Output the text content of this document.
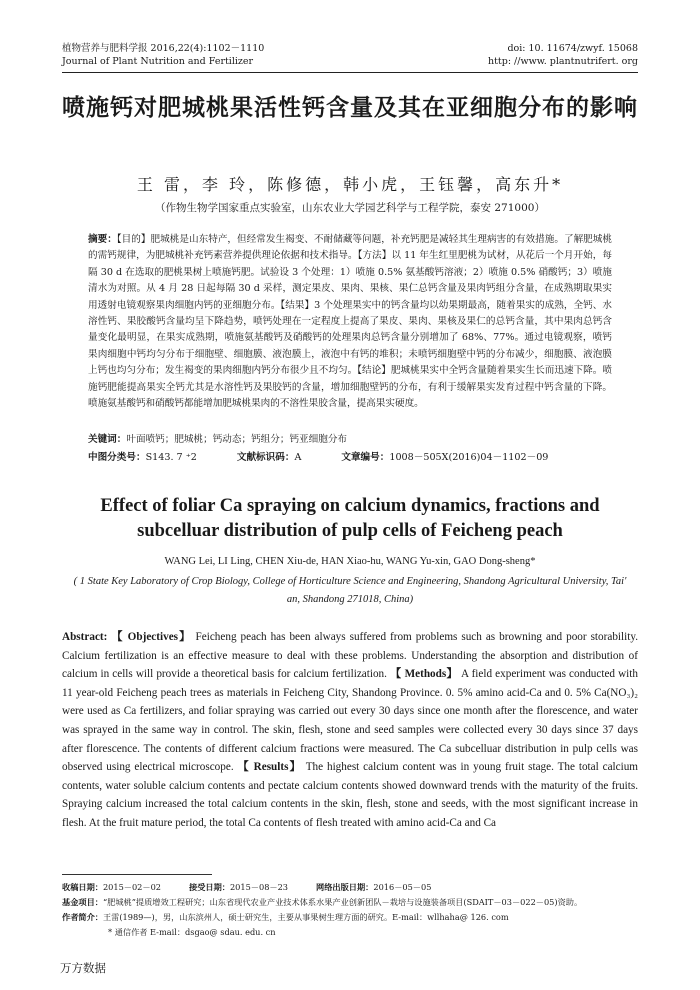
植物营养与肥料学报 2016,22(4):1102－1110
Journal of Plant Nutrition and Fertilizer
doi: 10. 11674/zwyf. 15068
http: //www. plantnutrifert. org
喷施钙对肥城桃果活性钙含量及其在亚细胞分布的影响
王 雷，李 玲，陈修德，韩小虎，王钰馨，高东升*
（作物生物学国家重点实验室，山东农业大学园艺科学与工程学院，泰安 271000）
摘要：【目的】肥城桃是山东特产，但经常发生褐变、不耐储藏等问题，补充钙肥是减轻其生理病害的有效措施。了解肥城桃的需钙规律，为肥城桃补充钙素营养提供理论依据和技术指导。【方法】以 11 年生红里肥桃为试材，从花后一个月开始，每隔 30 d 在选取的肥桃果树上喷施钙肥。试验设 3 个处理：1）喷施 0.5% 氨基酸钙溶液；2）喷施 0.5% 硝酸钙；3）喷施清水为对照。从 4 月 28 日起每隔 30 d 采样，测定果皮、果肉、果核、果仁总钙含量及果肉钙组分含量，在成熟期取果实用透射电镜观察果肉细胞内钙的亚细胞分布。【结果】3 个处理果实中的钙含量均以幼果期最高，随着果实的成熟，全钙、水溶性钙、果胶酸钙含量均呈下降趋势，喷钙处理在一定程度上提高了果皮、果肉、果核及果仁的总钙含量，其中果肉总钙含量变化最明显，在果实成熟期，喷施氨基酸钙及硝酸钙的处理果肉总钙含量分别增加了 68%、77%。通过电镜观察，喷钙果肉细胞中钙均匀分布于细胞壁、细胞膜、液泡膜上，液泡中有钙的堆积；未喷钙细胞壁中钙的分布减少，细胞膜、液泡膜上钙也均匀分布；发生褐变的果肉细胞内钙分布很少且不均匀。【结论】肥城桃果实中全钙含量随着果实生长而迅速下降。喷施钙肥能提高果实全钙尤其是水溶性钙及果胶钙的含量，增加细胞壁钙的分布，有利于缓解果实发育过程中钙含量的下降。喷施氨基酸钙和硝酸钙都能增加肥城桃果肉的不溶性果胶含量，提高果实硬度。
关键词：叶面喷钙；肥城桃；钙动态；钙组分；钙亚细胞分布
中图分类号：S143. 7 ⁺2	文献标识码：A	文章编号：1008－505X(2016)04－1102－09
Effect of foliar Ca spraying on calcium dynamics, fractions and subcelluar distribution of pulp cells of Feicheng peach
WANG Lei, LI Ling, CHEN Xiu-de, HAN Xiao-hu, WANG Yu-xin, GAO Dong-sheng*
( 1 State Key Laboratory of Crop Biology, College of Horticulture Science and Engineering, Shandong Agricultural University, Tai' an, Shandong 271018, China)
Abstract: 【 Objectives】 Feicheng peach has been always suffered from problems such as browning and poor storability. Calcium fertilization is an effective measure to deal with these problems. Understanding the absorption and distribution of calcium in cells will provide a theoretical basis for calcium fertilization. 【 Methods】 A field experiment was conducted with 11 year-old Feicheng peach trees as materials in Feicheng City, Shandong Province. 0. 5% amino acid-Ca and 0. 5% Ca(NO₃)₂ were used as Ca fertilizers, and foliar spraying was carried out every 30 days since one month after the florescence, and water was sprayed in the same way in control. The skin, flesh, stone and seed samples were collected every 30 days since 37 days after florescence. The contents of different calcium fractions were measured. The Ca subcelluar distribution in pulp cells was observed using electrical microscope. 【 Results】 The highest calcium content was in young fruit stage. The total calcium contents, water soluble calcium contents and pectate calcium contents showed downward trends with the maturity of the fruits. Spraying calcium increased the total calcium contents in the skin, flesh, stone and seeds, with the most significant increase in flesh. At the fruit mature period, the total Ca contents of flesh treated with amino acid-Ca and Ca
收稿日期：2015－02－02	接受日期：2015－08－23	网络出版日期：2016－05－05
基金项目：“肥城桃”提质增效工程研究；山东省现代农业产业技术体系水果产业创新团队－栽培与设施装备项目(SDAIT－03－022－05)资助。
作者简介：王雷(1989—)，男，山东滨州人，硕士研究生，主要从事果树生理方面的研究。E-mail：wllhaha@ 126. com
* 通信作者 E-mail：dsgao@ sdau. edu. cn
万方数据
